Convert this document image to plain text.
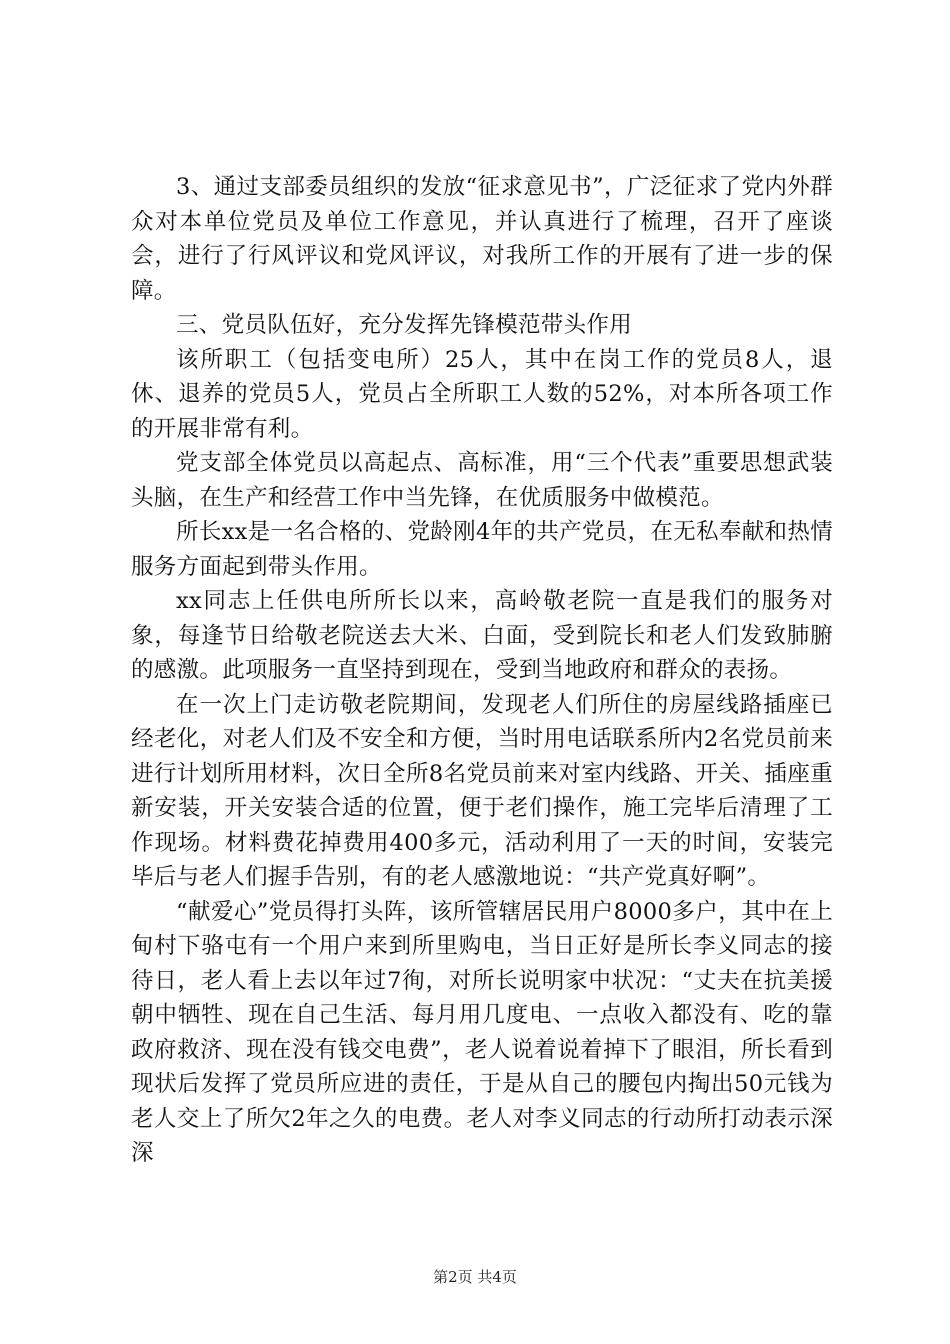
3、通过支部委员组织的发放“征求意见书”，广泛征求了党内外群众对本单位党员及单位工作意见，并认真进行了梳理，召开了座谈会，进行了行风评议和党风评议，对我所工作的开展有了进一步的保障。

三、党员队伍好，充分发挥先锋模范带头作用

该所职工（包括变电所）25人，其中在岗工作的党员8人，退休、退养的党员5人，党员占全所职工人数的52%，对本所各项工作的开展非常有利。

党支部全体党员以高起点、高标准，用“三个代表”重要思想武装头脑，在生产和经营工作中当先锋，在优质服务中做模范。

所长xx是一名合格的、党龄刚4年的共产党员，在无私奉献和热情服务方面起到带头作用。

xx同志上任供电所所长以来，高岭敬老院一直是我们的服务对象，每逢节日给敬老院送去大米、白面，受到院长和老人们发致肺腑的感激。此项服务一直坚持到现在，受到当地政府和群众的表扬。

在一次上门走访敬老院期间，发现老人们所住的房屋线路插座已经老化，对老人们及不安全和方便，当时用电话联系所内2名党员前来进行计划所用材料，次日全所8名党员前来对室内线路、开关、插座重新安装，开关安装合适的位置，便于老们操作，施工完毕后清理了工作现场。材料费花掉费用400多元，活动利用了一天的时间，安装完毕后与老人们握手告别，有的老人感激地说：“共产党真好啊”。

“献爱心”党员得打头阵，该所管辖居民用户8000多户，其中在上甸村下骆屯有一个用户来到所里购电，当日正好是所长李义同志的接待日，老人看上去以年过7徇，对所长说明家中状况：“丈夫在抗美援朝中牺牲、现在自己生活、每月用几度电、一点收入都没有、吃的靠政府救济、现在没有钱交电费”，老人说着说着掉下了眼泪，所长看到现状后发挥了党员所应进的责任，于是从自己的腰包内掏出50元钱为老人交上了所欠2年之久的电费。老人对李义同志的行动所打动表示深深

第2页 共4页
